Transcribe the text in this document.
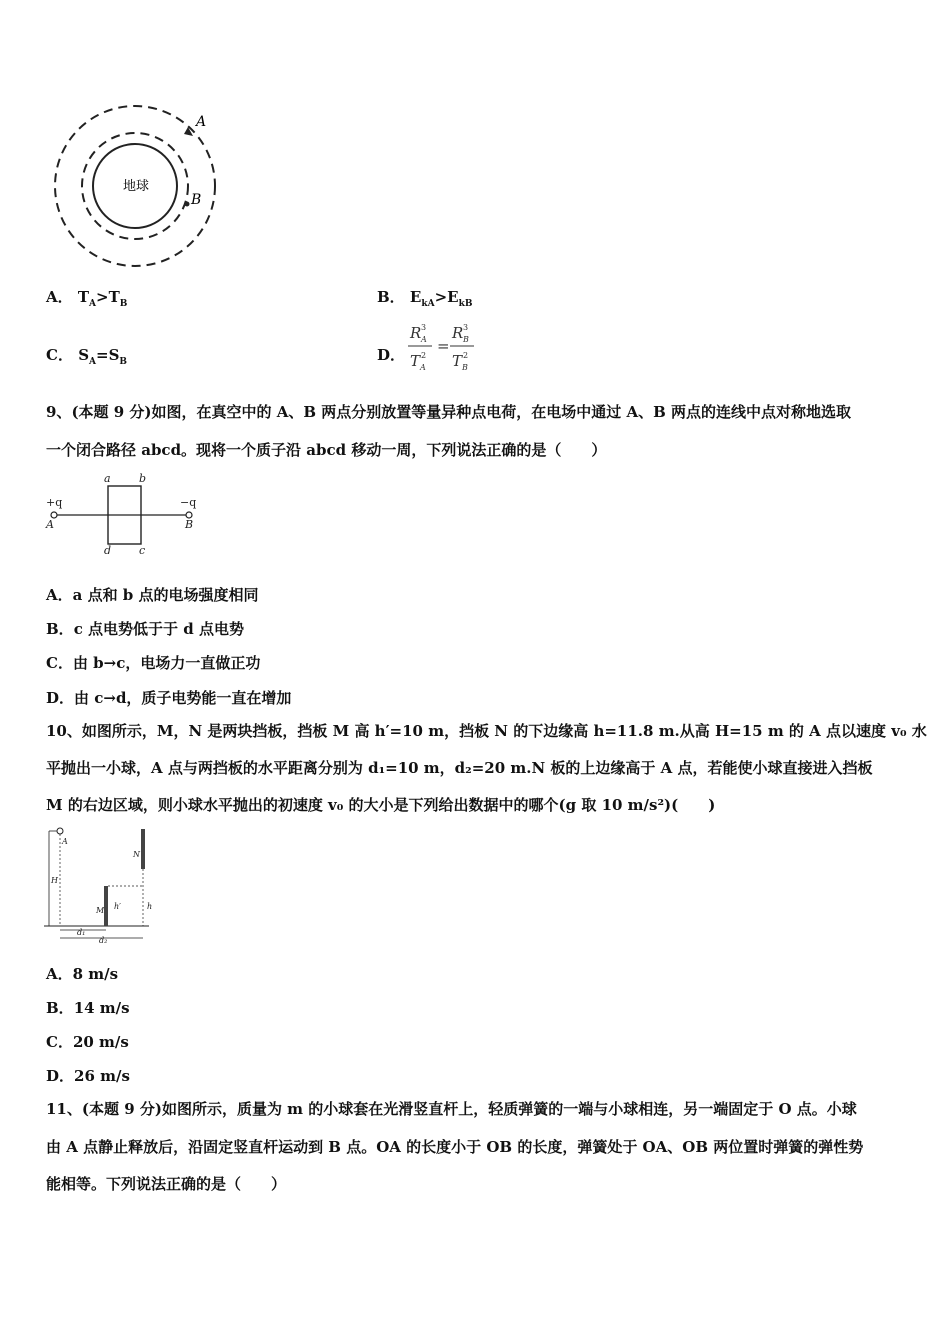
地球
A
B
A． $T_A>T_B$	B． $E_{kA}>E_{kB}$
C． $S_A=S_B$	D．
R 3
A
T 2
A
=
R 3
B
T 2
B
9、(本题 9 分)如图，在真空中的 A、B 两点分别放置等量异种点电荷，在电场中通过 A、B 两点的连线中点对称地选取
一个闭合路径 abcd。现将一个质子沿 abcd 移动一周，下列说法正确的是（　　）
+q	−q
a	b
c
d
A	B
A．a 点和 b 点的电场强度相同
B．c 点电势低于于 d 点电势
C．由 b→c，电场力一直做正功
D．由 c→d，质子电势能一直在增加
10、如图所示，M，N 是两块挡板，挡板 M 高 h′=10 m，挡板 N 的下边缘高 h=11.8 m.从高 H=15 m 的 A 点以速度 v₀ 水
平抛出一小球，A 点与两挡板的水平距离分别为 d₁=10 m，d₂=20 m.N 板的上边缘高于 A 点，若能使小球直接进入挡板
M 的右边区域，则小球水平抛出的初速度 v₀ 的大小是下列给出数据中的哪个(g 取 10 m/s²)(　　)
A
H
M
N
h′	h
d₁
d₂
A．8 m/s
B．14 m/s
C．20 m/s
D．26 m/s
11、(本题 9 分)如图所示，质量为 m 的小球套在光滑竖直杆上，轻质弹簧的一端与小球相连，另一端固定于 O 点。小球
由 A 点静止释放后，沿固定竖直杆运动到 B 点。OA 的长度小于 OB 的长度，弹簧处于 OA、OB 两位置时弹簧的弹性势
能相等。下列说法正确的是（　　）
